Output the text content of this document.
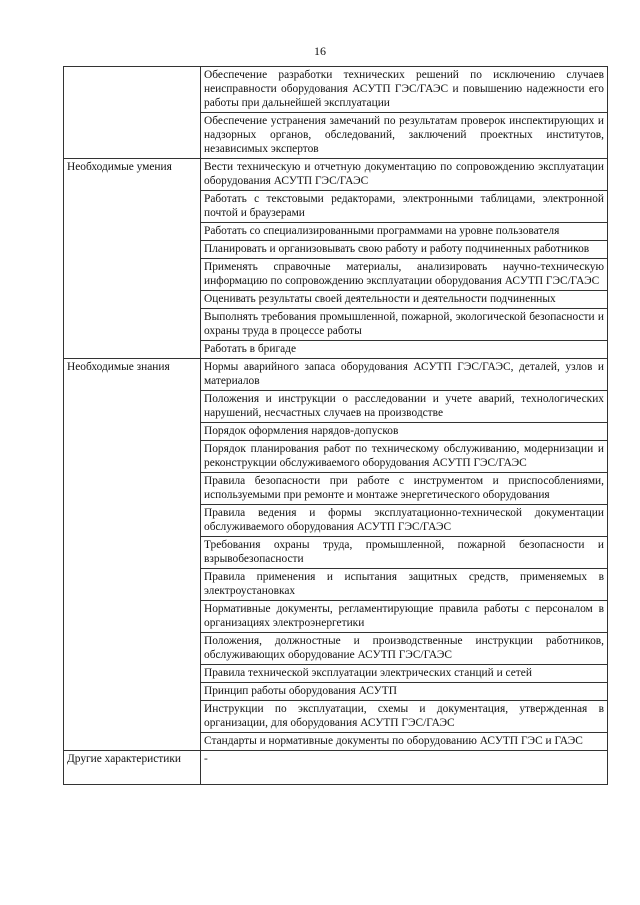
16
	Обеспечение разработки технических решений по исключению случаев неисправности оборудования АСУТП ГЭС/ГАЭС и повышению надежности его работы при дальнейшей эксплуатации
	Обеспечение устранения замечаний по результатам проверок инспектирующих и надзорных органов, обследований, заключений проектных институтов, независимых экспертов
Необходимые умения	Вести техническую и отчетную документацию по сопровождению эксплуатации оборудования АСУТП ГЭС/ГАЭС
	Работать с текстовыми редакторами, электронными таблицами, электронной почтой и браузерами
	Работать со специализированными программами на уровне пользователя
	Планировать и организовывать свою работу и работу подчиненных работников
	Применять справочные материалы, анализировать научно-техническую информацию по сопровождению эксплуатации оборудования АСУТП ГЭС/ГАЭС
	Оценивать результаты своей деятельности и деятельности подчиненных
	Выполнять требования промышленной, пожарной, экологической безопасности и охраны труда в процессе работы
	Работать в бригаде
Необходимые знания	Нормы аварийного запаса оборудования АСУТП ГЭС/ГАЭС, деталей, узлов и материалов
	Положения и инструкции о расследовании и учете аварий, технологических нарушений, несчастных случаев на производстве
	Порядок оформления нарядов-допусков
	Порядок планирования работ по техническому обслуживанию, модернизации и реконструкции обслуживаемого оборудования АСУТП ГЭС/ГАЭС
	Правила безопасности при работе с инструментом и приспособлениями, используемыми при ремонте и монтаже энергетического оборудования
	Правила ведения и формы эксплуатационно-технической документации обслуживаемого оборудования АСУТП ГЭС/ГАЭС
	Требования охраны труда, промышленной, пожарной безопасности и взрывобезопасности
	Правила применения и испытания защитных средств, применяемых в электроустановках
	Нормативные документы, регламентирующие правила работы с персоналом в организациях электроэнергетики
	Положения, должностные и производственные инструкции работников, обслуживающих оборудование АСУТП ГЭС/ГАЭС
	Правила технической эксплуатации электрических станций и сетей
	Принцип работы оборудования АСУТП
	Инструкции по эксплуатации, схемы и документация, утвержденная в организации, для оборудования АСУТП ГЭС/ГАЭС
	Стандарты и нормативные документы по оборудованию АСУТП ГЭС и ГАЭС
Другие характеристики	-
